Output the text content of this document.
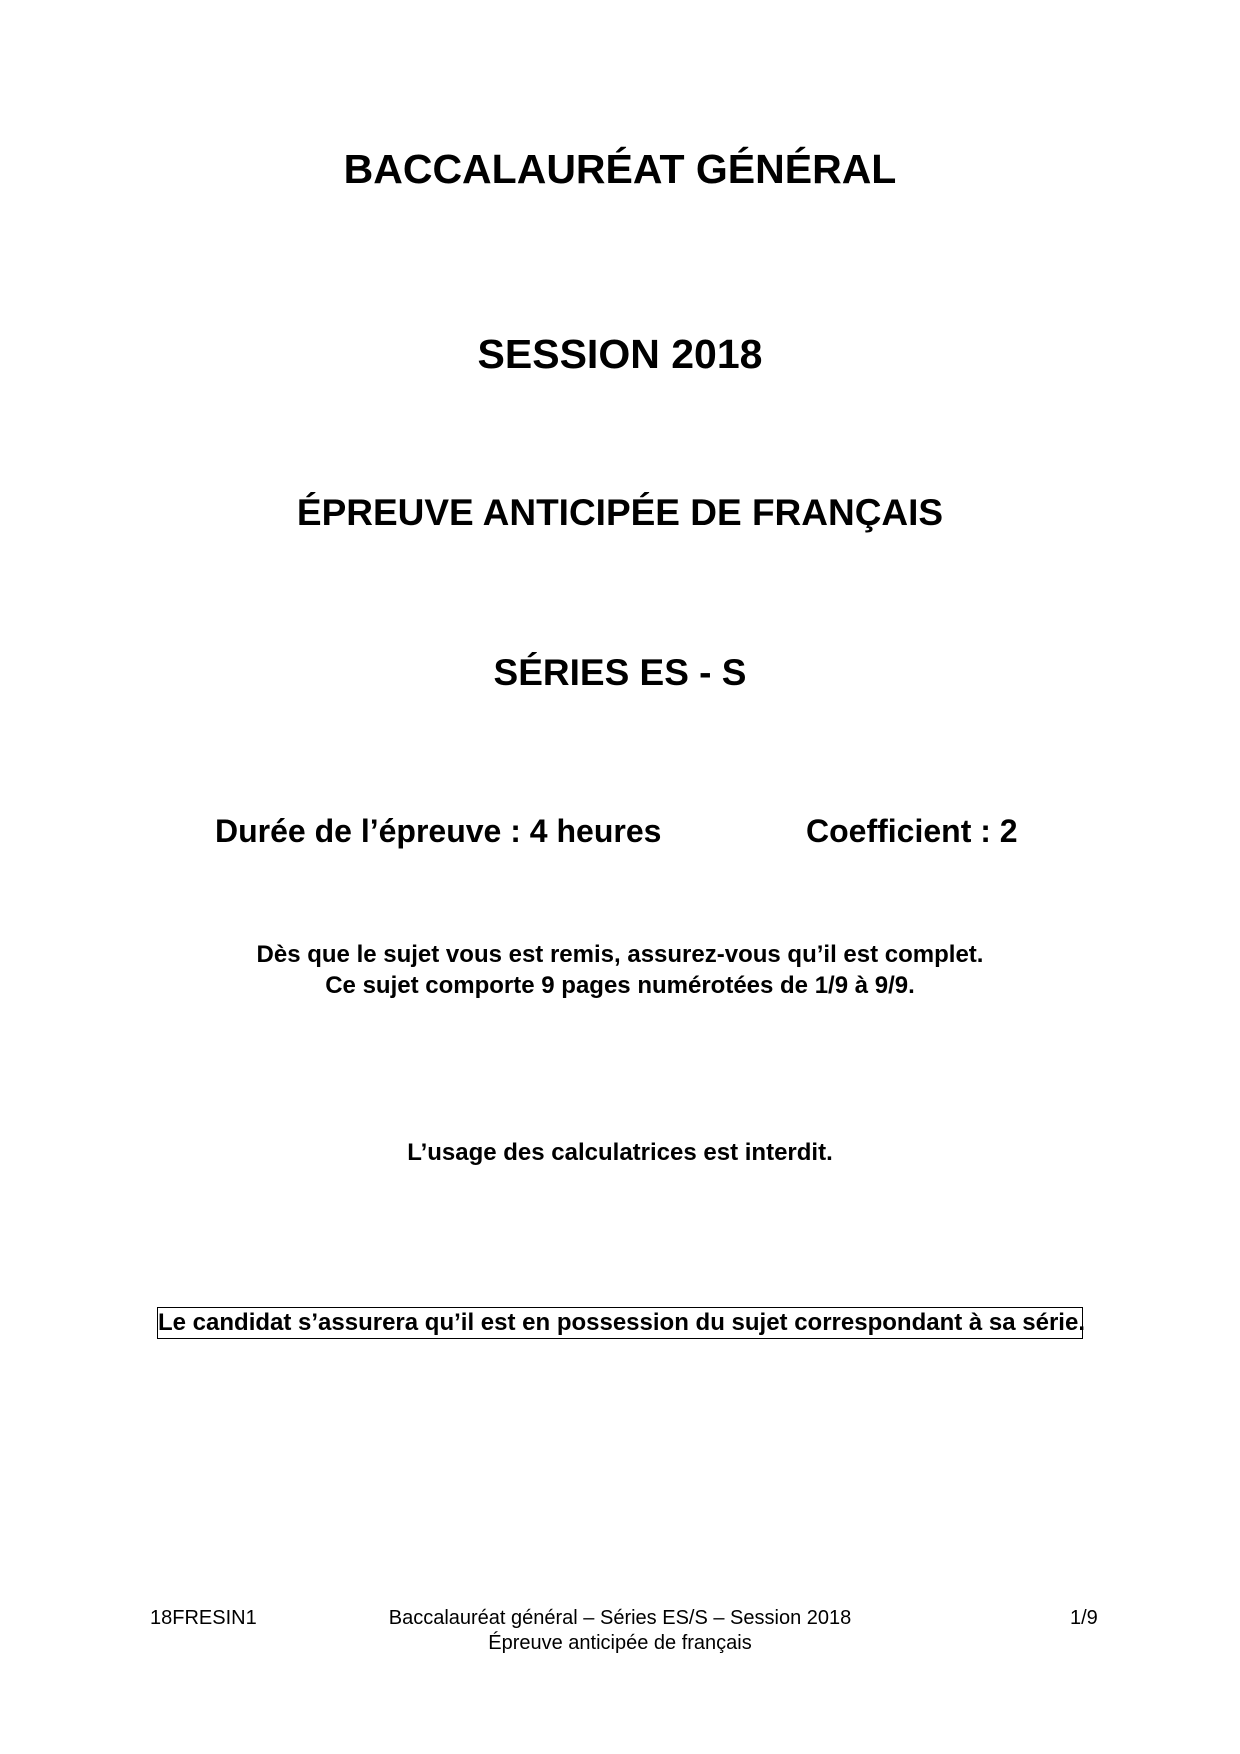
BACCALAURÉAT GÉNÉRAL
SESSION 2018
ÉPREUVE ANTICIPÉE DE FRANÇAIS
SÉRIES ES - S
Durée de l’épreuve : 4 heures	Coefficient : 2
Dès que le sujet vous est remis, assurez-vous qu’il est complet.
Ce sujet comporte 9 pages numérotées de 1/9 à 9/9.
L’usage des calculatrices est interdit.
Le candidat s’assurera qu’il est en possession du sujet correspondant à sa série.
18FRESIN1	Baccalauréat général – Séries ES/S – Session 2018
Épreuve anticipée de français
1/9
